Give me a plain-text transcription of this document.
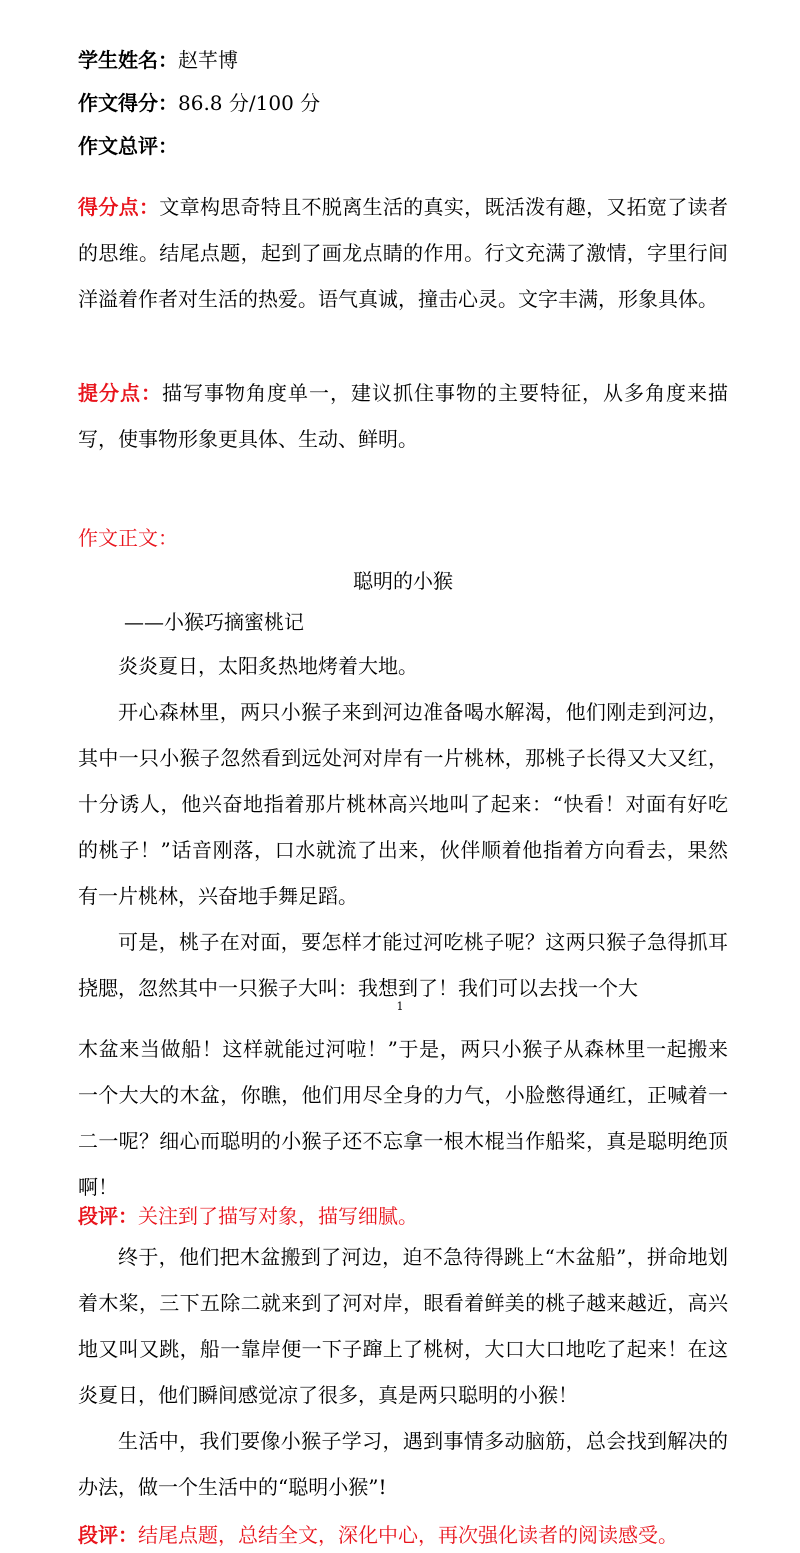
学生姓名：赵芊博
作文得分：86.8 分/100 分
作文总评：
得分点：文章构思奇特且不脱离生活的真实，既活泼有趣，又拓宽了读者的思维。结尾点题，起到了画龙点睛的作用。行文充满了激情，字里行间洋溢着作者对生活的热爱。语气真诚，撞击心灵。文字丰满，形象具体。
提分点：描写事物角度单一，建议抓住事物的主要特征，从多角度来描写，使事物形象更具体、生动、鲜明。
作文正文：
聪明的小猴
——小猴巧摘蜜桃记
炎炎夏日，太阳炙热地烤着大地。
开心森林里，两只小猴子来到河边准备喝水解渴，他们刚走到河边，其中一只小猴子忽然看到远处河对岸有一片桃林，那桃子长得又大又红，十分诱人，他兴奋地指着那片桃林高兴地叫了起来：“快看！对面有好吃的桃子！”话音刚落，口水就流了出来，伙伴顺着他指着方向看去，果然有一片桃林，兴奋地手舞足蹈。
可是，桃子在对面，要怎样才能过河吃桃子呢？这两只猴子急得抓耳挠腮，忽然其中一只猴子大叫：我想到了！我们可以去找一个大
1
木盆来当做船！这样就能过河啦！”于是，两只小猴子从森林里一起搬来一个大大的木盆，你瞧，他们用尽全身的力气，小脸憋得通红，正喊着一二一呢？细心而聪明的小猴子还不忘拿一根木棍当作船桨，真是聪明绝顶啊！
段评：关注到了描写对象，描写细腻。
终于，他们把木盆搬到了河边，迫不急待得跳上“木盆船”，拼命地划着木桨，三下五除二就来到了河对岸，眼看着鲜美的桃子越来越近，高兴地又叫又跳，船一靠岸便一下子蹿上了桃树，大口大口地吃了起来！在这炎夏日，他们瞬间感觉凉了很多，真是两只聪明的小猴！
生活中，我们要像小猴子学习，遇到事情多动脑筋，总会找到解决的办法，做一个生活中的“聪明小猴”!
段评：结尾点题，总结全文，深化中心，再次强化读者的阅读感受。
